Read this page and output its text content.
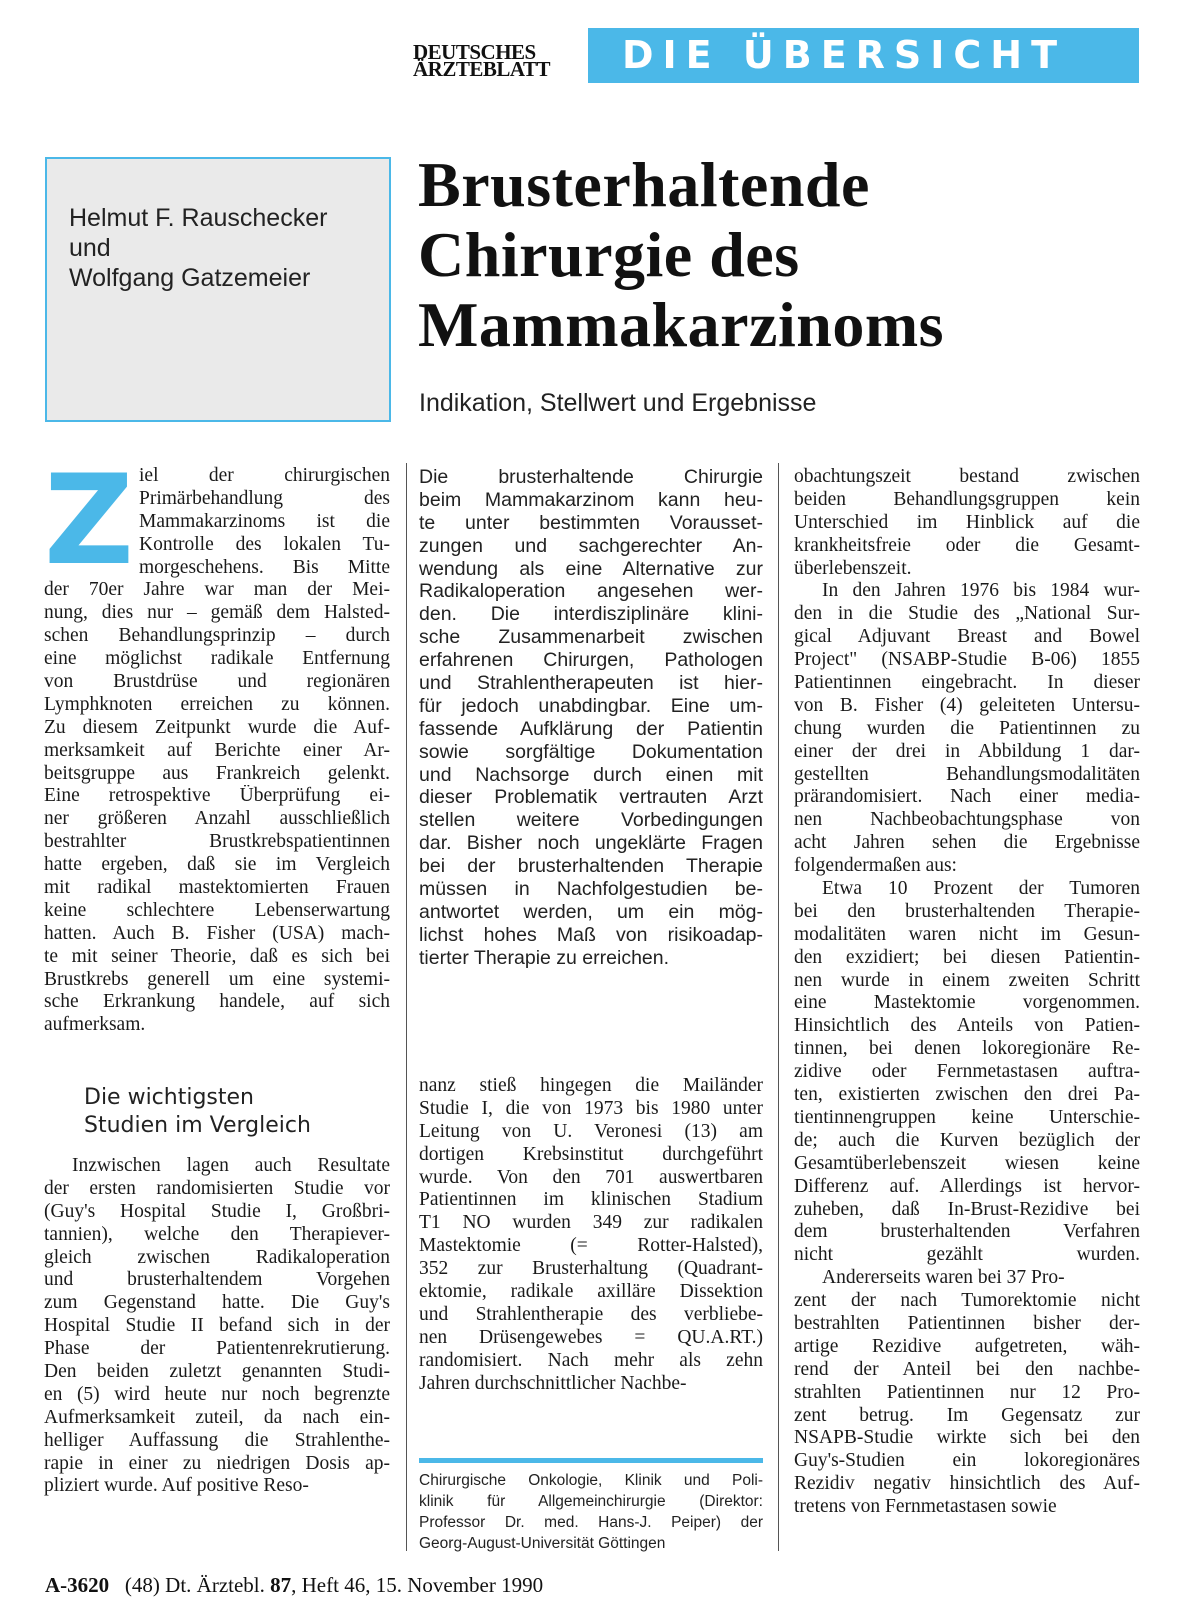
DEUTSCHES
ÄRZTEBLATT	DIE ÜBERSICHT
Helmut F. Rauschecker
und
Wolfgang Gatzemeier
Brusterhaltende
Chirurgie des
Mammakarzinoms
Indikation, Stellwert und Ergebnisse
Z iel der chirurgischen
Primärbehandlung des
Mammakarzinoms ist die
Kontrolle des lokalen Tu-
morgeschehens. Bis Mitte
der 70er Jahre war man der Mei-
nung, dies nur – gemäß dem Halsted-
schen Behandlungsprinzip – durch
eine möglichst radikale Entfernung
von Brustdrüse und regionären
Lymphknoten erreichen zu können.
Zu diesem Zeitpunkt wurde die Auf-
merksamkeit auf Berichte einer Ar-
beitsgruppe aus Frankreich gelenkt.
Eine retrospektive Überprüfung ei-
ner größeren Anzahl ausschließlich
bestrahlter Brustkrebspatientinnen
hatte ergeben, daß sie im Vergleich
mit radikal mastektomierten Frauen
keine schlechtere Lebenserwartung
hatten. Auch B. Fisher (USA) mach-
te mit seiner Theorie, daß es sich bei
Brustkrebs generell um eine systemi-
sche Erkrankung handele, auf sich
aufmerksam.
Die wichtigsten
Studien im Vergleich
Inzwischen lagen auch Resultate
der ersten randomisierten Studie vor
(Guy's Hospital Studie I, Großbri-
tannien), welche den Therapiever-
gleich zwischen Radikaloperation
und brusterhaltendem Vorgehen
zum Gegenstand hatte. Die Guy's
Hospital Studie II befand sich in der
Phase der Patientenrekrutierung.
Den beiden zuletzt genannten Studi-
en (5) wird heute nur noch begrenzte
Aufmerksamkeit zuteil, da nach ein-
helliger Auffassung die Strahlenthe-
rapie in einer zu niedrigen Dosis ap-
pliziert wurde. Auf positive Reso-
Die brusterhaltende Chirurgie
beim Mammakarzinom kann heu-
te unter bestimmten Vorausset-
zungen und sachgerechter An-
wendung als eine Alternative zur
Radikaloperation angesehen wer-
den. Die interdisziplinäre klini-
sche Zusammenarbeit zwischen
erfahrenen Chirurgen, Pathologen
und Strahlentherapeuten ist hier-
für jedoch unabdingbar. Eine um-
fassende Aufklärung der Patientin
sowie sorgfältige Dokumentation
und Nachsorge durch einen mit
dieser Problematik vertrauten Arzt
stellen weitere Vorbedingungen
dar. Bisher noch ungeklärte Fragen
bei der brusterhaltenden Therapie
müssen in Nachfolgestudien be-
antwortet werden, um ein mög-
lichst hohes Maß von risikoadap-
tierter Therapie zu erreichen.
nanz stieß hingegen die Mailänder
Studie I, die von 1973 bis 1980 unter
Leitung von U. Veronesi (13) am
dortigen Krebsinstitut durchgeführt
wurde. Von den 701 auswertbaren
Patientinnen im klinischen Stadium
T1 NO wurden 349 zur radikalen
Mastektomie (= Rotter-Halsted),
352 zur Brusterhaltung (Quadrant-
ektomie, radikale axilläre Dissektion
und Strahlentherapie des verbliebe-
nen Drüsengewebes = QU.A.RT.)
randomisiert. Nach mehr als zehn
Jahren durchschnittlicher Nachbe-
Chirurgische Onkologie, Klinik und Poli-
klinik für Allgemeinchirurgie (Direktor:
Professor Dr. med. Hans-J. Peiper) der
Georg-August-Universität Göttingen
obachtungszeit bestand zwischen
beiden Behandlungsgruppen kein
Unterschied im Hinblick auf die
krankheitsfreie oder die Gesamt-
überlebenszeit.
In den Jahren 1976 bis 1984 wur-
den in die Studie des „National Sur-
gical Adjuvant Breast and Bowel
Project" (NSABP-Studie B-06) 1855
Patientinnen eingebracht. In dieser
von B. Fisher (4) geleiteten Untersu-
chung wurden die Patientinnen zu
einer der drei in Abbildung 1 dar-
gestellten Behandlungsmodalitäten
prärandomisiert. Nach einer media-
nen Nachbeobachtungsphase von
acht Jahren sehen die Ergebnisse
folgendermaßen aus:
Etwa 10 Prozent der Tumoren
bei den brusterhaltenden Therapie-
modalitäten waren nicht im Gesun-
den exzidiert; bei diesen Patientin-
nen wurde in einem zweiten Schritt
eine Mastektomie vorgenommen.
Hinsichtlich des Anteils von Patien-
tinnen, bei denen lokoregionäre Re-
zidive oder Fernmetastasen auftra-
ten, existierten zwischen den drei Pa-
tientinnengruppen keine Unterschie-
de; auch die Kurven bezüglich der
Gesamtüberlebenszeit wiesen keine
Differenz auf. Allerdings ist hervor-
zuheben, daß In-Brust-Rezidive bei
dem brusterhaltenden Verfahren
nicht gezählt wurden.
Andererseits waren bei 37 Pro-
zent der nach Tumorektomie nicht
bestrahlten Patientinnen bisher der-
artige Rezidive aufgetreten, wäh-
rend der Anteil bei den nachbe-
strahlten Patientinnen nur 12 Pro-
zent betrug. Im Gegensatz zur
NSAPB-Studie wirkte sich bei den
Guy's-Studien ein lokoregionäres
Rezidiv negativ hinsichtlich des Auf-
tretens von Fernmetastasen sowie
A-3620 (48) Dt. Ärztebl. 87, Heft 46, 15. November 1990
